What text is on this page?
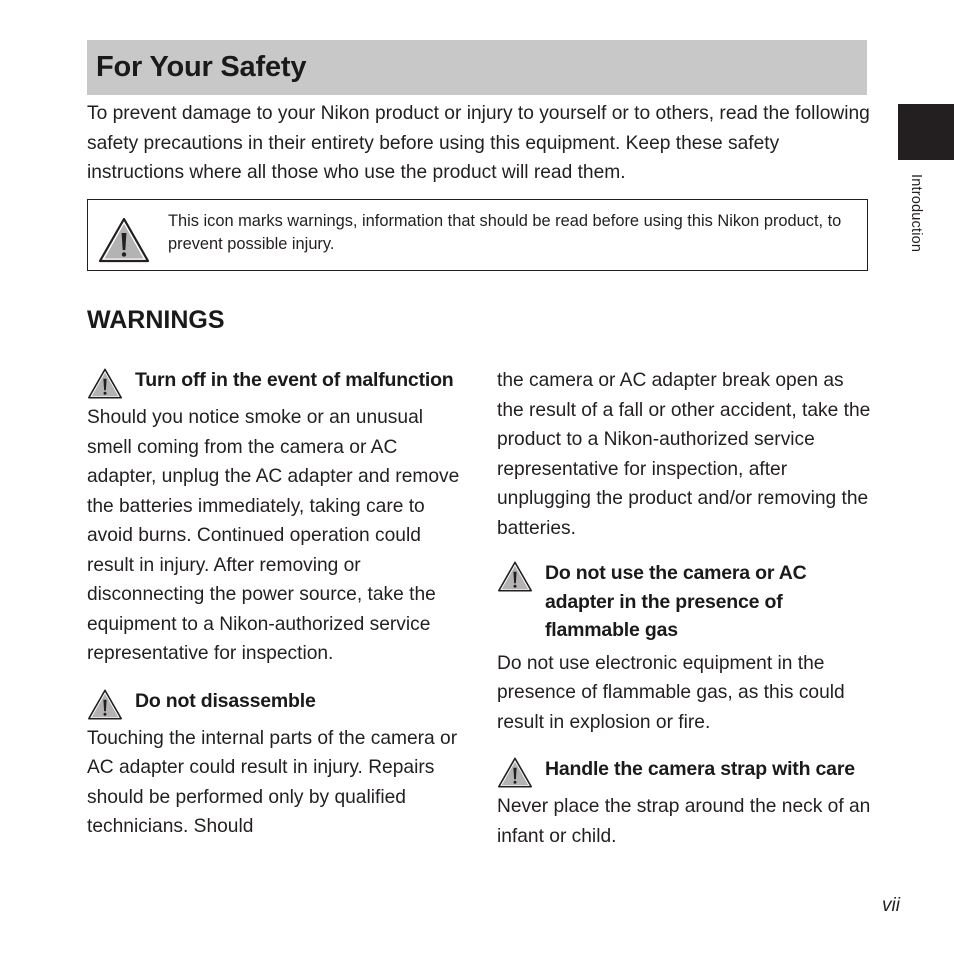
For Your Safety
Introduction

To prevent damage to your Nikon product or injury to yourself or to others, read the following safety precautions in their entirety before using this equipment. Keep these safety instructions where all those who use the product will read them.

This icon marks warnings, information that should be read before using this Nikon product, to prevent possible injury.
WARNINGS
Turn off in the event of malfunction

Should you notice smoke or an unusual smell coming from the camera or AC adapter, unplug the AC adapter and remove the batteries immediately, taking care to avoid burns. Continued operation could result in injury. After removing or disconnecting the power source, take the equipment to a Nikon-authorized service representative for inspection.

Do not disassemble

Touching the internal parts of the camera or AC adapter could result in injury. Repairs should be performed only by qualified technicians. Should

the camera or AC adapter break open as the result of a fall or other accident, take the product to a Nikon-authorized service representative for inspection, after unplugging the product and/or removing the batteries.

Do not use the camera or AC adapter in the presence of flammable gas

Do not use electronic equipment in the presence of flammable gas, as this could result in explosion or fire.

Handle the camera strap with care

Never place the strap around the neck of an infant or child.

vii
